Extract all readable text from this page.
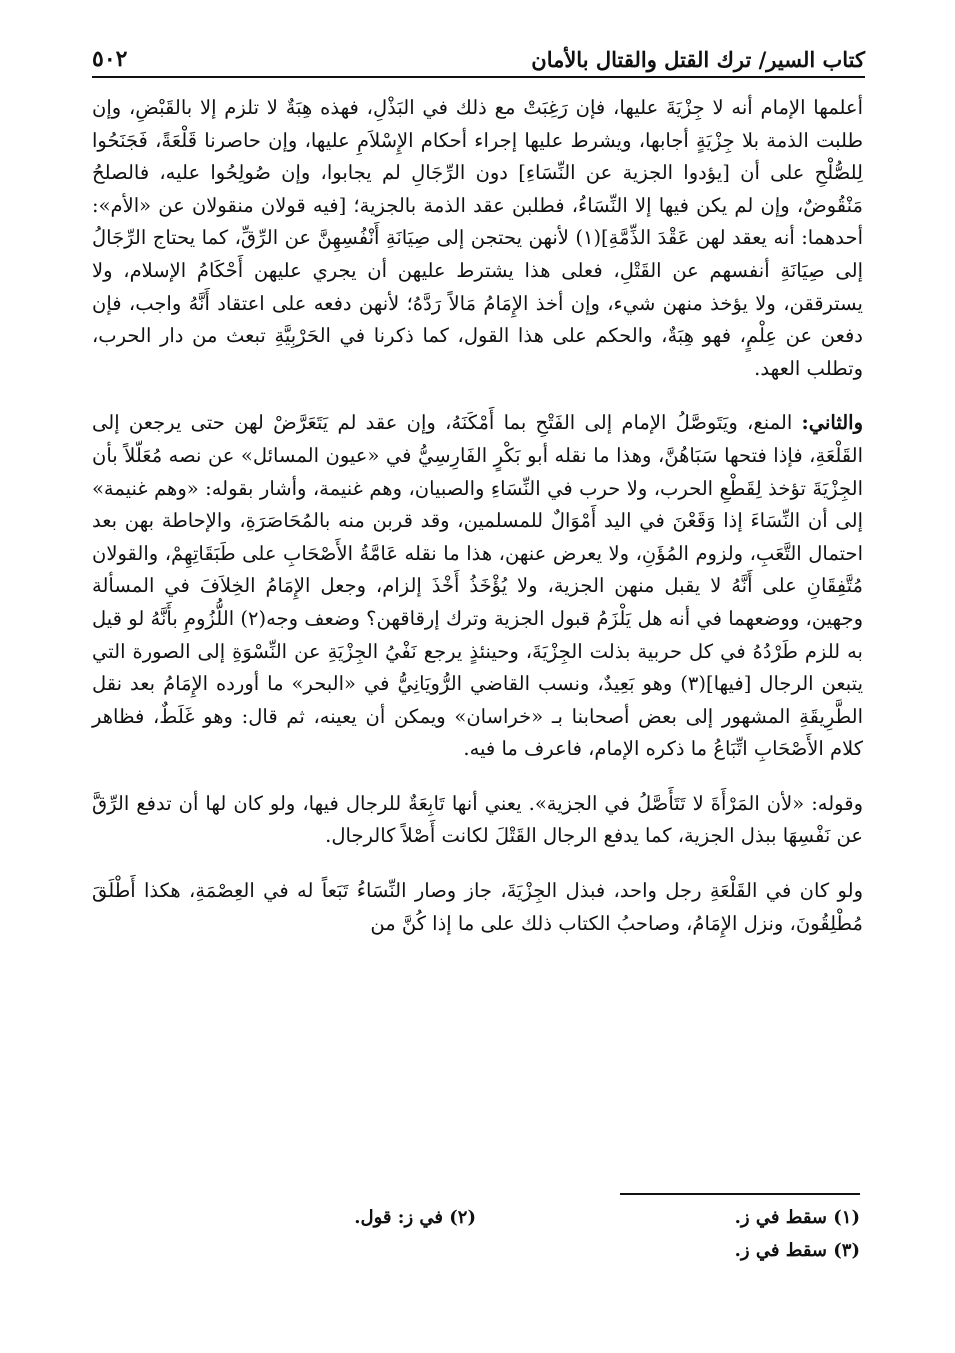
كتاب السير/ ترك القتل والقتال بالأمان
٥٠٢

أعلمها الإمام أنه لا جِزْيَةَ عليها، فإن رَغِبَتْ مع ذلك في البَذْلِ، فهذه هِبَةٌ لا تلزم إلا بالقَبْضِ، وإن طلبت الذمة بلا جِزْيَةٍ أجابها، ويشرط عليها إجراء أحكام الإِسْلاَمِ عليها، وإن حاصرنا قَلْعَةً، فَجَنَحُوا لِلصُّلْحِ على أن [يؤدوا الجزية عن النِّسَاءِ] دون الرِّجَالِ لم يجابوا، وإن صُولِحُوا عليه، فالصلحُ مَنْقُوضٌ، وإن لم يكن فيها إلا النِّسَاءُ، فطلبن عقد الذمة بالجزية؛ [فيه قولان منقولان عن «الأم»: أحدهما: أنه يعقد لهن عَقْدَ الذِّمَّةِ](١) لأنهن يحتجن إلى صِيَانَةِ أَنْفُسِهِنَّ عن الرِّقِّ، كما يحتاج الرِّجَالُ إلى صِيَانَةِ أنفسهم عن القَتْلِ، فعلى هذا يشترط عليهن أن يجري عليهن أَحْكَامُ الإسلام، ولا يسترققن، ولا يؤخذ منهن شيء، وإن أخذ الإِمَامُ مَالاً رَدَّهُ؛ لأنهن دفعه على اعتقاد أَنَّهُ واجب، فإن دفعن عن عِلْمٍ، فهو هِبَةٌ، والحكم على هذا القول، كما ذكرنا في الحَرْبِيَّةِ تبعث من دار الحرب، وتطلب العهد.

والثاني: المنع، ويَتَوصَّلُ الإمام إلى الفَتْحِ بما أَمْكَنَهُ، وإن عقد لم يَتَعَرَّضْ لهن حتى يرجعن إلى القَلْعَةِ، فإذا فتحها سَبَاهُنَّ، وهذا ما نقله أبو بَكْرٍ الفَارِسِيُّ في «عيون المسائل» عن نصه مُعَلّلاً بأن الجِزْيَةَ تؤخذ لِقَطْعِ الحرب، ولا حرب في النِّسَاءِ والصبيان، وهم غنيمة، وأشار بقوله: «وهم غنيمة» إلى أن النِّسَاءَ إذا وَقَعْنَ في اليد أَمْوَالٌ للمسلمين، وقد قربن منه بالمُحَاصَرَةِ، والإحاطة بهن بعد احتمال التَّعَبِ، ولزوم المُؤَنِ، ولا يعرض عنهن، هذا ما نقله عَامَّةُ الأَصْحَابِ على طَبَقَاتِهِمْ، والقولان مُتَّفِقَانِ على أَنَّهُ لا يقبل منهن الجزية، ولا يُؤْخَذُ أَخْذَ إلزام، وجعل الإِمَامُ الخِلاَفَ في المسألة وجهين، ووضعهما في أنه هل يَلْزَمُ قبول الجزية وترك إرقاقهن؟ وضعف وجه(٢) اللُّزُومِ بأَنَّهُ لو قيل به للزم طَرْدُهُ في كل حربية بذلت الجِزْيَةَ، وحينئذٍ يرجع نَفْيُ الجِزْيَةِ عن النِّسْوَةِ إلى الصورة التي يتبعن الرجال [فيها](٣) وهو بَعِيدٌ، ونسب القاضي الرُّويَانِيُّ في «البحر» ما أورده الإِمَامُ بعد نقل الطَّرِيقَةِ المشهور إلى بعض أصحابنا بـ «خراسان» ويمكن أن يعينه، ثم قال: وهو غَلَطٌ، فظاهر كلام الأَصْحَابِ اتِّبَاعُ ما ذكره الإمام، فاعرف ما فيه.

وقوله: «لأن المَرْأَةَ لا تَتَأَصَّلُ في الجزية». يعني أنها تَابِعَةٌ للرجال فيها، ولو كان لها أن تدفع الرِّقَّ عن نَفْسِهَا ببذل الجزية، كما يدفع الرجال القَتْلَ لكانت أَصْلاً كالرجال.

ولو كان في القَلْعَةِ رجل واحد، فبذل الجِزْيَةَ، جاز وصار النِّسَاءُ تَبَعاً له في العِصْمَةِ، هكذا أَطْلَقَ مُطْلِقُونَ، ونزل الإِمَامُ، وصاحبُ الكتاب ذلك على ما إذا كُنَّ من

(١) سقط في ز.
(٢) في ز: قول.
(٣) سقط في ز.
